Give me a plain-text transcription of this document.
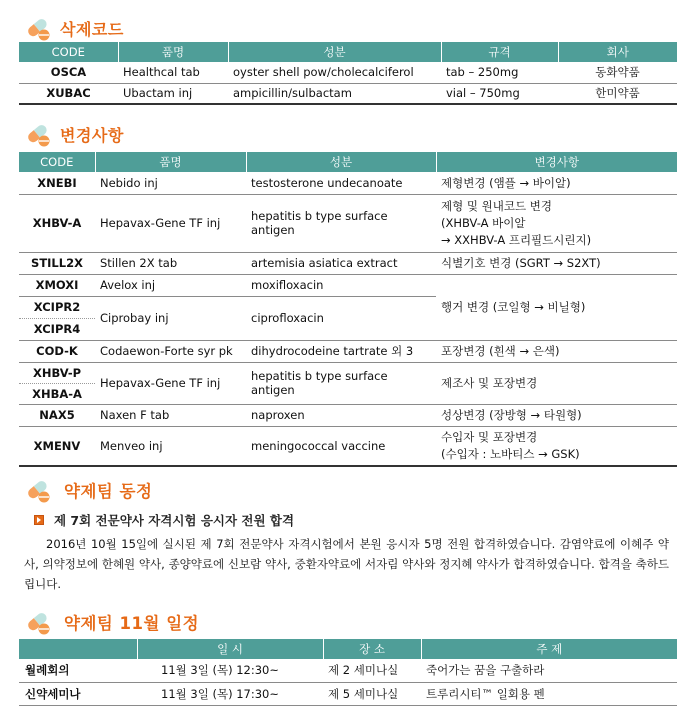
삭제코드
CODE	품명	성분	규격	회사
OSCA	Healthcal tab	oyster shell pow/cholecalciferol	tab – 250mg	동화약품
XUBAC	Ubactam inj	ampicillin/sulbactam	vial – 750mg	한미약품
변경사항
CODE	품명	성분	변경사항
XNEBI	Nebido inj	testosterone undecanoate	제형변경 (앰플 → 바이알)
XHBV-A	Hepavax-Gene TF inj	hepatitis b type surface antigen	제형 및 원내코드 변경
(XHBV-A 바이알
→ XXHBV-A 프리필드시린지)

STILL2X	Stillen 2X tab	artemisia asiatica extract	식별기호 변경 (SGRT → S2XT)
XMOXI	Avelox inj	moxifloxacin	행거 변경 (코일형 → 비닐형)
XCIPR2	Ciprobay inj	ciprofloxacin	
XCIPR4			
COD-K	Codaewon-Forte syr pk	dihydrocodeine tartrate 외 3	포장변경 (흰색 → 은색)
XHBV-P	Hepavax-Gene TF inj	hepatitis b type surface antigen	제조사 및 포장변경
XHBA-A			
NAX5	Naxen F tab	naproxen	성상변경 (장방형 → 타원형)
XMENV	Menveo inj	meningococcal vaccine	수입자 및 포장변경
(수입자 : 노바티스 → GSK)
약제팀 동정
제 7회 전문약사 자격시험 응시자 전원 합격
2016년 10월 15일에 실시된 제 7회 전문약사 자격시험에서 본원 응시자 5명 전원 합격하였습니다. 감염약료에 이혜주 약사, 의약정보에 한혜원 약사, 종양약료에 신보람 약사, 중환자약료에 서자림 약사와 정지혜 약사가 합격하였습니다. 합격을 축하드립니다.
약제팀 11월 일정
	일 시	장 소	주 제
월례회의	11월 3일 (목) 12:30~	제 2 세미나실	죽어가는 꿈을 구출하라
신약세미나	11월 3일 (목) 17:30~	제 5 세미나실	트루리시티™ 일회용 펜
